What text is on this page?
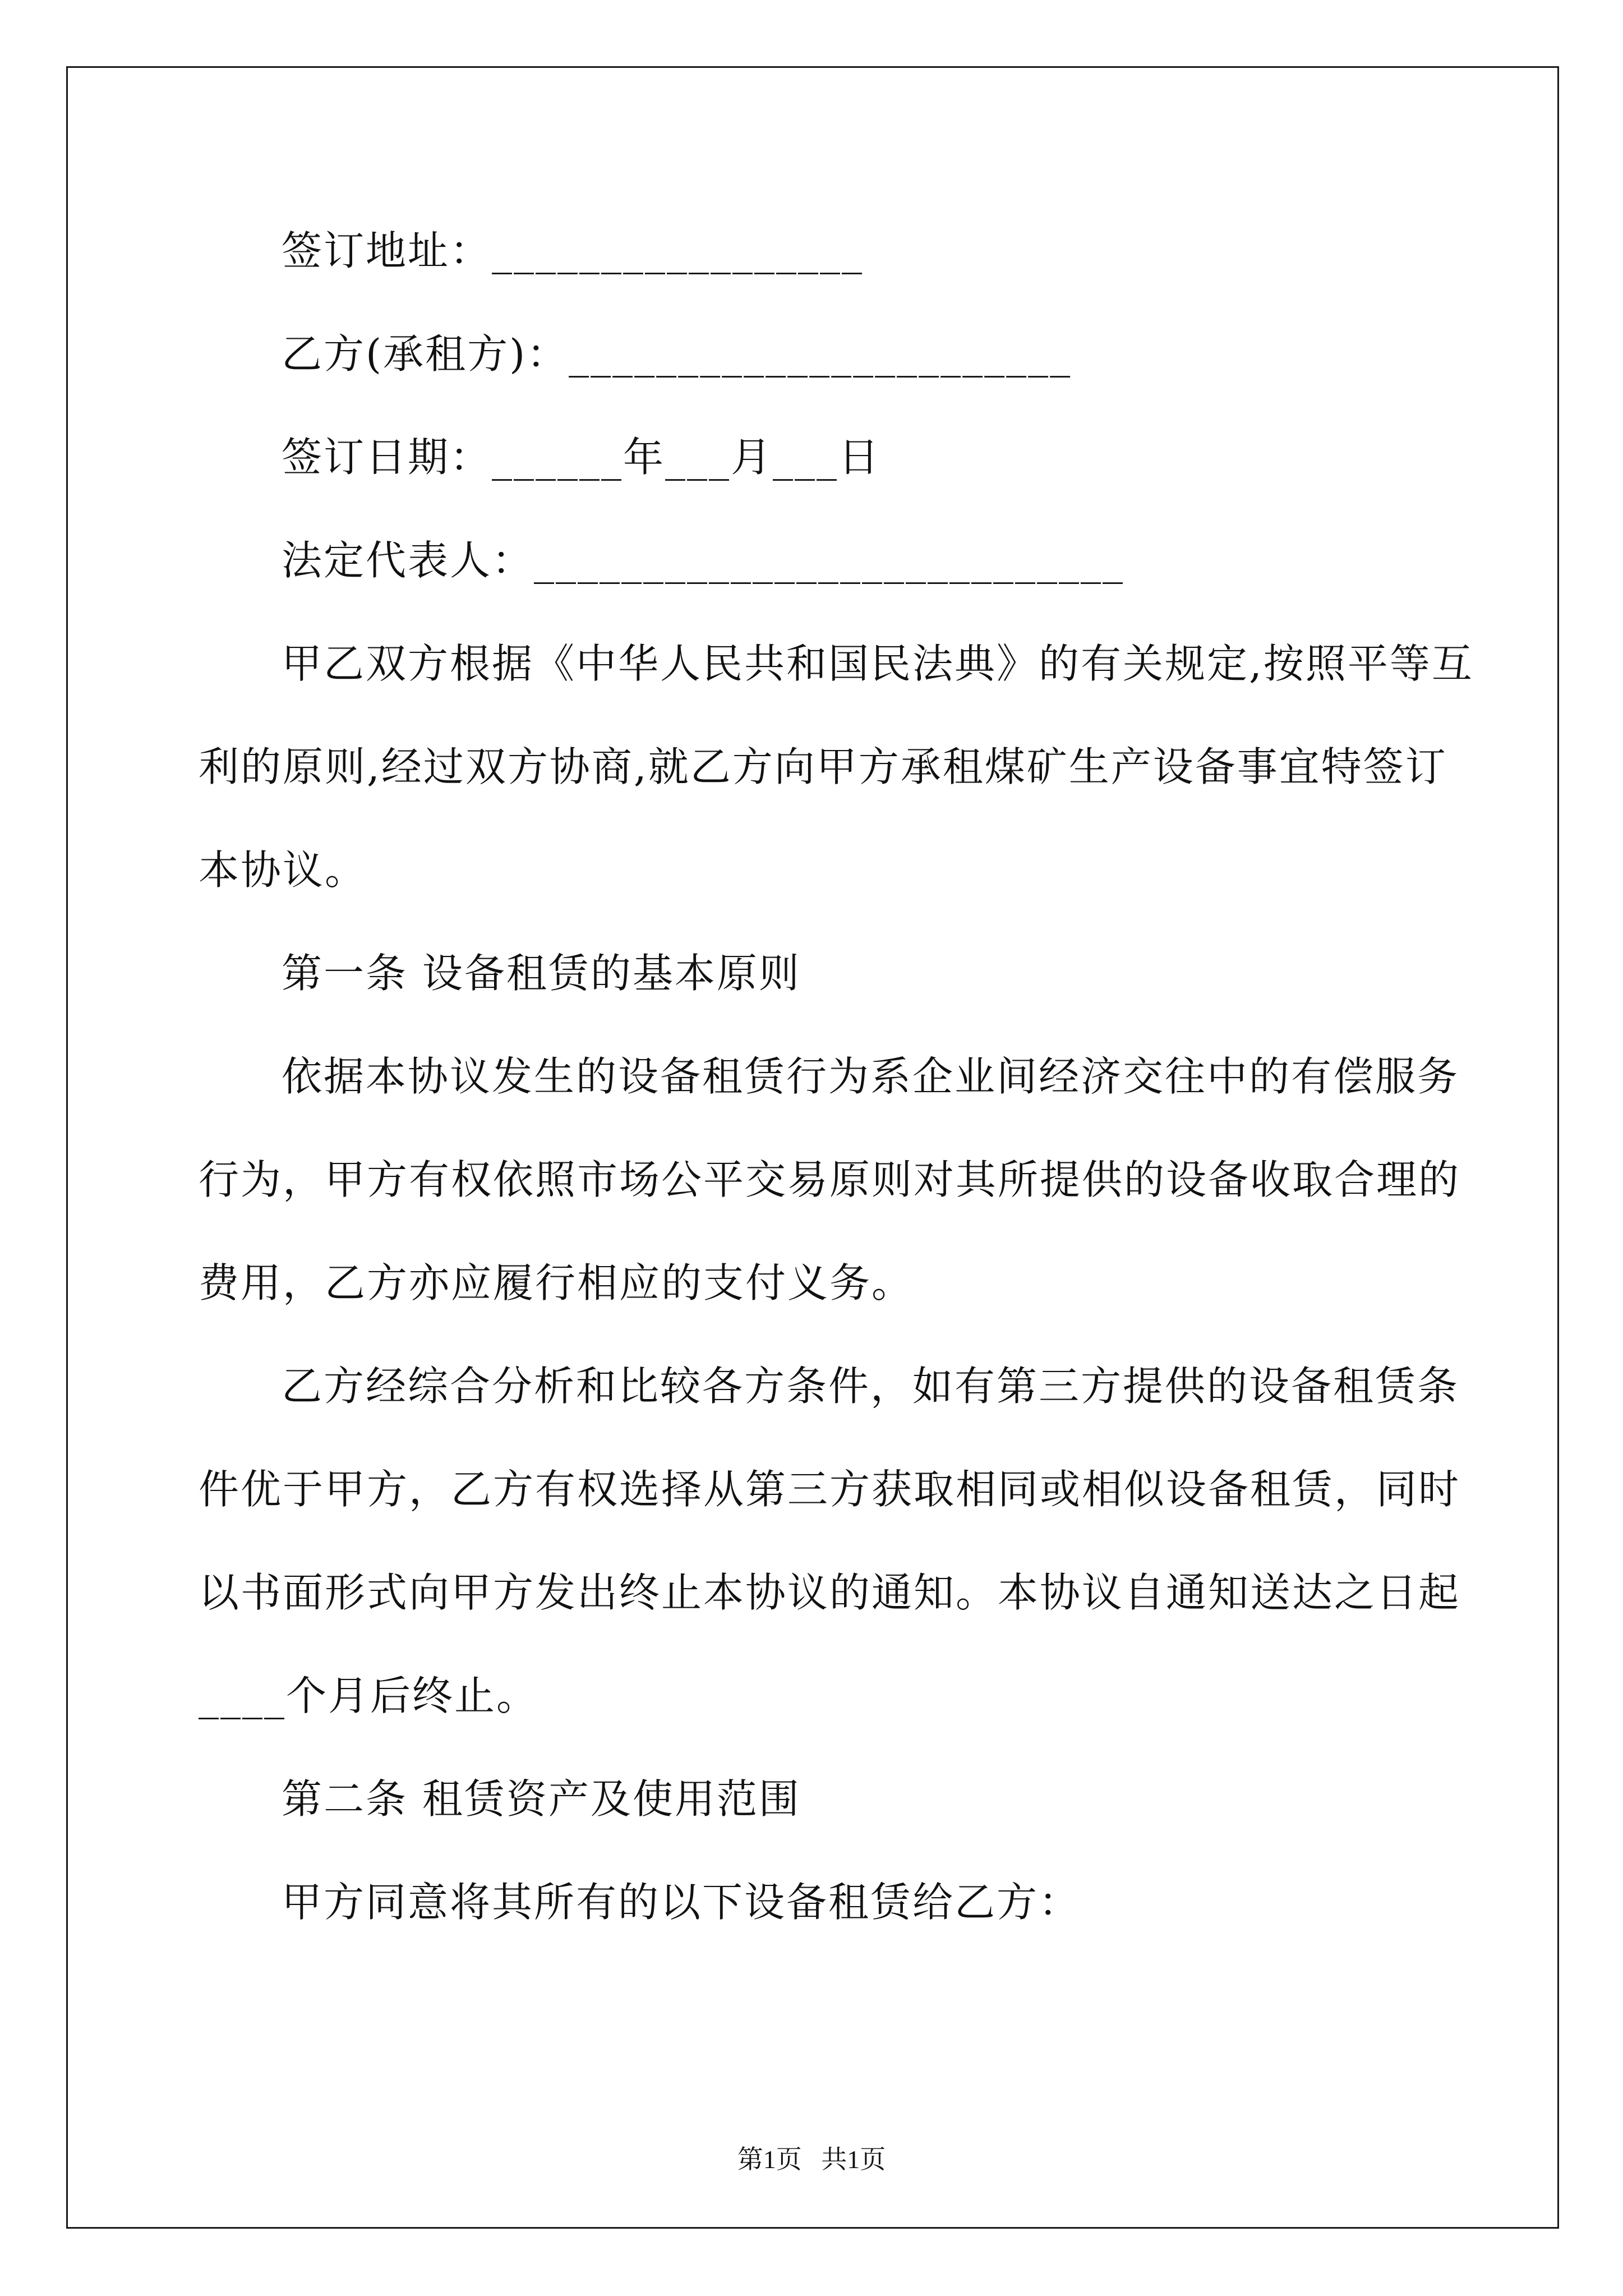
签订地址：_________________
乙方(承租方)：_______________________
签订日期：______年___月___日
法定代表人：___________________________
甲乙双方根据《中华人民共和国民法典》的有关规定,按照平等互
利的原则,经过双方协商,就乙方向甲方承租煤矿生产设备事宜特签订
本协议。
第一条 设备租赁的基本原则
依据本协议发生的设备租赁行为系企业间经济交往中的有偿服务
行为，甲方有权依照市场公平交易原则对其所提供的设备收取合理的
费用，乙方亦应履行相应的支付义务。
乙方经综合分析和比较各方条件，如有第三方提供的设备租赁条
件优于甲方，乙方有权选择从第三方获取相同或相似设备租赁，同时
以书面形式向甲方发出终止本协议的通知。本协议自通知送达之日起
____个月后终止。
第二条 租赁资产及使用范围
甲方同意将其所有的以下设备租赁给乙方：
第1页   共1页
